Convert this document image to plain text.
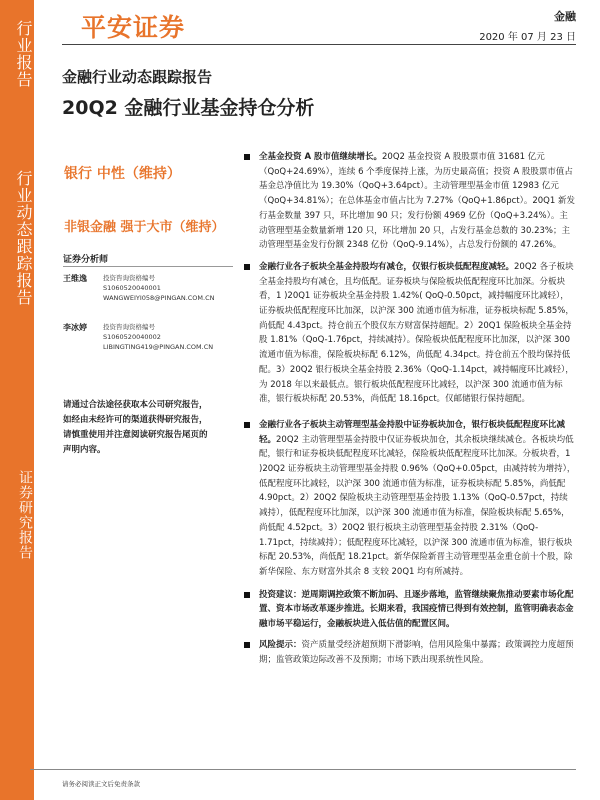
行业报告
行业动态跟踪报告
证券研究报告
平安证券	金融
2020 年 07 月 23 日
金融行业动态跟踪报告
20Q2 金融行业基金持仓分析
银行 中性（维持）
非银金融 强于大市（维持）
证券分析师
王维逸 投资咨询资格编号
S1060520040001
WANGWEIYI058@PINGAN.COM.CN
李冰婷 投资咨询资格编号
S1060520040002
LIBINGTING419@PINGAN.COM.CN
请通过合法途径获取本公司研究报告，如经由未经许可的渠道获得研究报告，请慎重使用并注意阅读研究报告尾页的声明内容。

全基金投资 A 股市值继续增长。20Q2 基金投资 A 股股票市值 31681 亿元（QoQ+24.69%），连续 6 个季度保持上涨，为历史最高值；投资 A 股股票市值占基金总净值比为 19.30%（QoQ+3.64pct）。主动管理型基金市值 12983 亿元（QoQ+34.81%）；在总体基金市值占比为 7.27%（QoQ+1.86pct）。20Q1 新发行基金数量 397 只，环比增加 90 只；发行份额 4969 亿份（QoQ+3.24%）。主动管理型基金数量新增 120 只，环比增加 20 只，占发行基金总数的 30.23%；主动管理型基金发行份额 2348 亿份（QoQ-9.14%），占总发行份额的 47.26%。

金融行业各子板块全基金持股均有减仓，仅银行板块低配程度减轻。20Q2 各子板块全基金持股均有减仓，且均低配。证券板块与保险板块低配程度环比加深。分板块看，1 )20Q1 证券板块全基金持股 1.42%( QoQ-0.50pct，减持幅度环比减轻），证券板块低配程度环比加深，以沪深 300 流通市值为标准，证券板块标配 5.85%，尚低配 4.43pct。持仓前五个股仅东方财富保持超配。2）20Q1 保险板块全基金持股 1.81%（QoQ-1.76pct，持续减持）。保险板块低配程度环比加深，以沪深 300 流通市值为标准，保险板块标配 6.12%，尚低配 4.34pct。持仓前五个股均保持低配。3）20Q2 银行板块全基金持股 2.36%（QoQ-1.14pct，减持幅度环比减轻），为 2018 年以来最低点。银行板块低配程度环比减轻，以沪深 300 流通市值为标准，银行板块标配 20.53%，尚低配 18.16pct。仅邮储银行保持超配。

金融行业各子板块主动管理型基金持股中证券板块加仓，银行板块低配程度环比减轻。20Q2 主动管理型基金持股中仅证券板块加仓，其余板块继续减仓。各板块均低配，银行和证券板块低配程度环比减轻，保险板块低配程度环比加深。分板块看，1 )20Q2 证券板块主动管理型基金持股 0.96%（QoQ+0.05pct，由减持转为增持），低配程度环比减轻，以沪深 300 流通市值为标准，证券板块标配 5.85%，尚低配 4.90pct。2）20Q2 保险板块主动管理型基金持股 1.13%（QoQ-0.57pct，持续减持），低配程度环比加深，以沪深 300 流通市值为标准，保险板块标配 5.65%，尚低配 4.52pct。3）20Q2 银行板块主动管理型基金持股 2.31%（QoQ-1.71pct，持续减持）；低配程度环比减轻，以沪深 300 流通市值为标准，银行板块标配 20.53%，尚低配 18.21pct。新华保险新晋主动管理型基金重仓前十个股，除新华保险、东方财富外其余 8 支较 20Q1 均有所减持。

投资建议：逆周期调控政策不断加码、且逐步落地，监管继续聚焦推动要素市场化配置、资本市场改革逐步推进。长期来看，我国疫情已得到有效控制，监管明确表态金融市场平稳运行，金融板块进入低估值的配置区间。

风险提示：资产质量受经济超预期下滑影响，信用风险集中暴露；政策调控力度超预期；监管政策边际改善不及预期；市场下跌出现系统性风险。

请务必阅读正文后免责条款
